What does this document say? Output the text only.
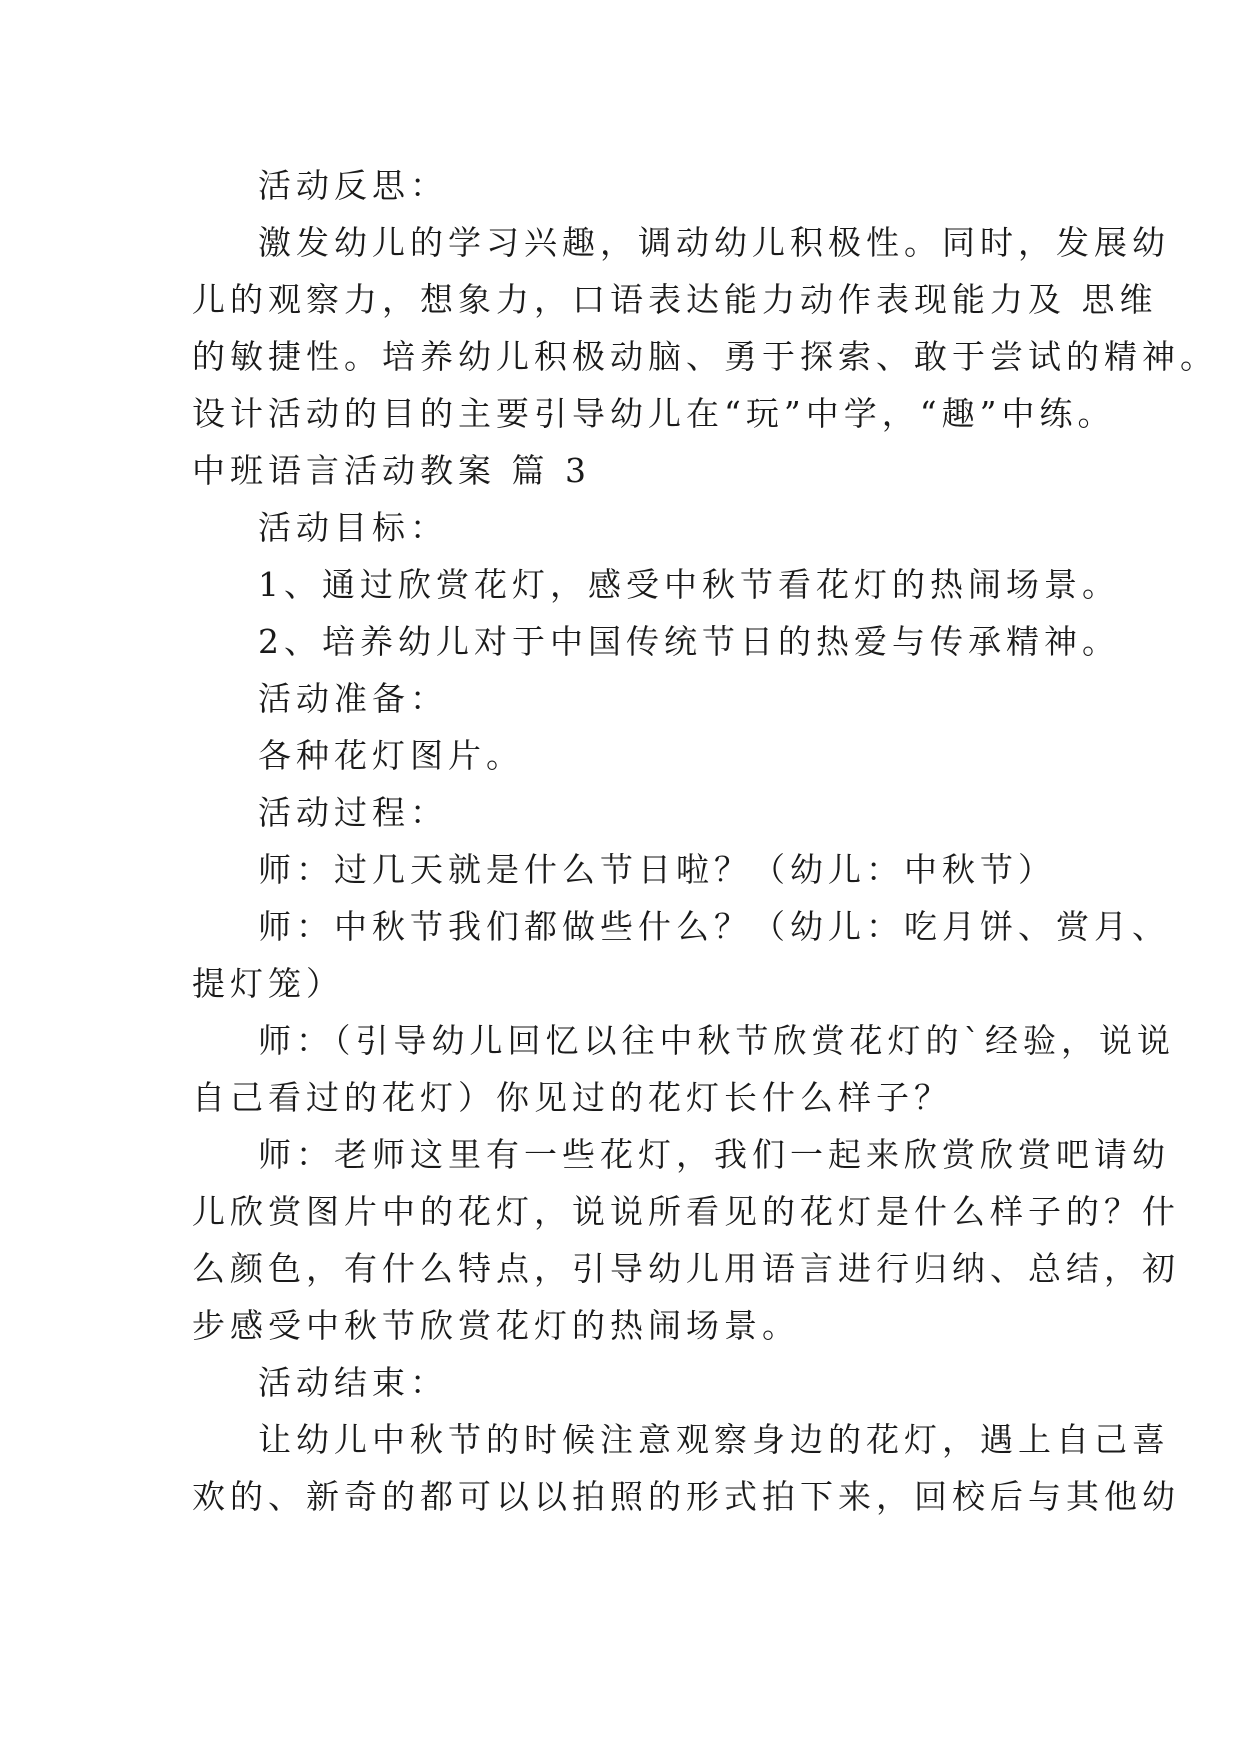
活动反思：
激发幼儿的学习兴趣，调动幼儿积极性。同时，发展幼
儿的观察力，想象力，口语表达能力动作表现能力及 思维
的敏捷性。培养幼儿积极动脑、勇于探索、敢于尝试的精神。
设计活动的目的主要引导幼儿在“玩”中学，“趣”中练。
中班语言活动教案 篇 3
活动目标：
1、通过欣赏花灯，感受中秋节看花灯的热闹场景。
2、培养幼儿对于中国传统节日的热爱与传承精神。
活动准备：
各种花灯图片。
活动过程：
师：过几天就是什么节日啦？（幼儿：中秋节）
师：中秋节我们都做些什么？（幼儿：吃月饼、赏月、
提灯笼）
师：（引导幼儿回忆以往中秋节欣赏花灯的`经验，说说
自己看过的花灯）你见过的花灯长什么样子？
师：老师这里有一些花灯，我们一起来欣赏欣赏吧请幼
儿欣赏图片中的花灯，说说所看见的花灯是什么样子的？什
么颜色，有什么特点，引导幼儿用语言进行归纳、总结，初
步感受中秋节欣赏花灯的热闹场景。
活动结束：
让幼儿中秋节的时候注意观察身边的花灯，遇上自己喜
欢的、新奇的都可以以拍照的形式拍下来，回校后与其他幼
